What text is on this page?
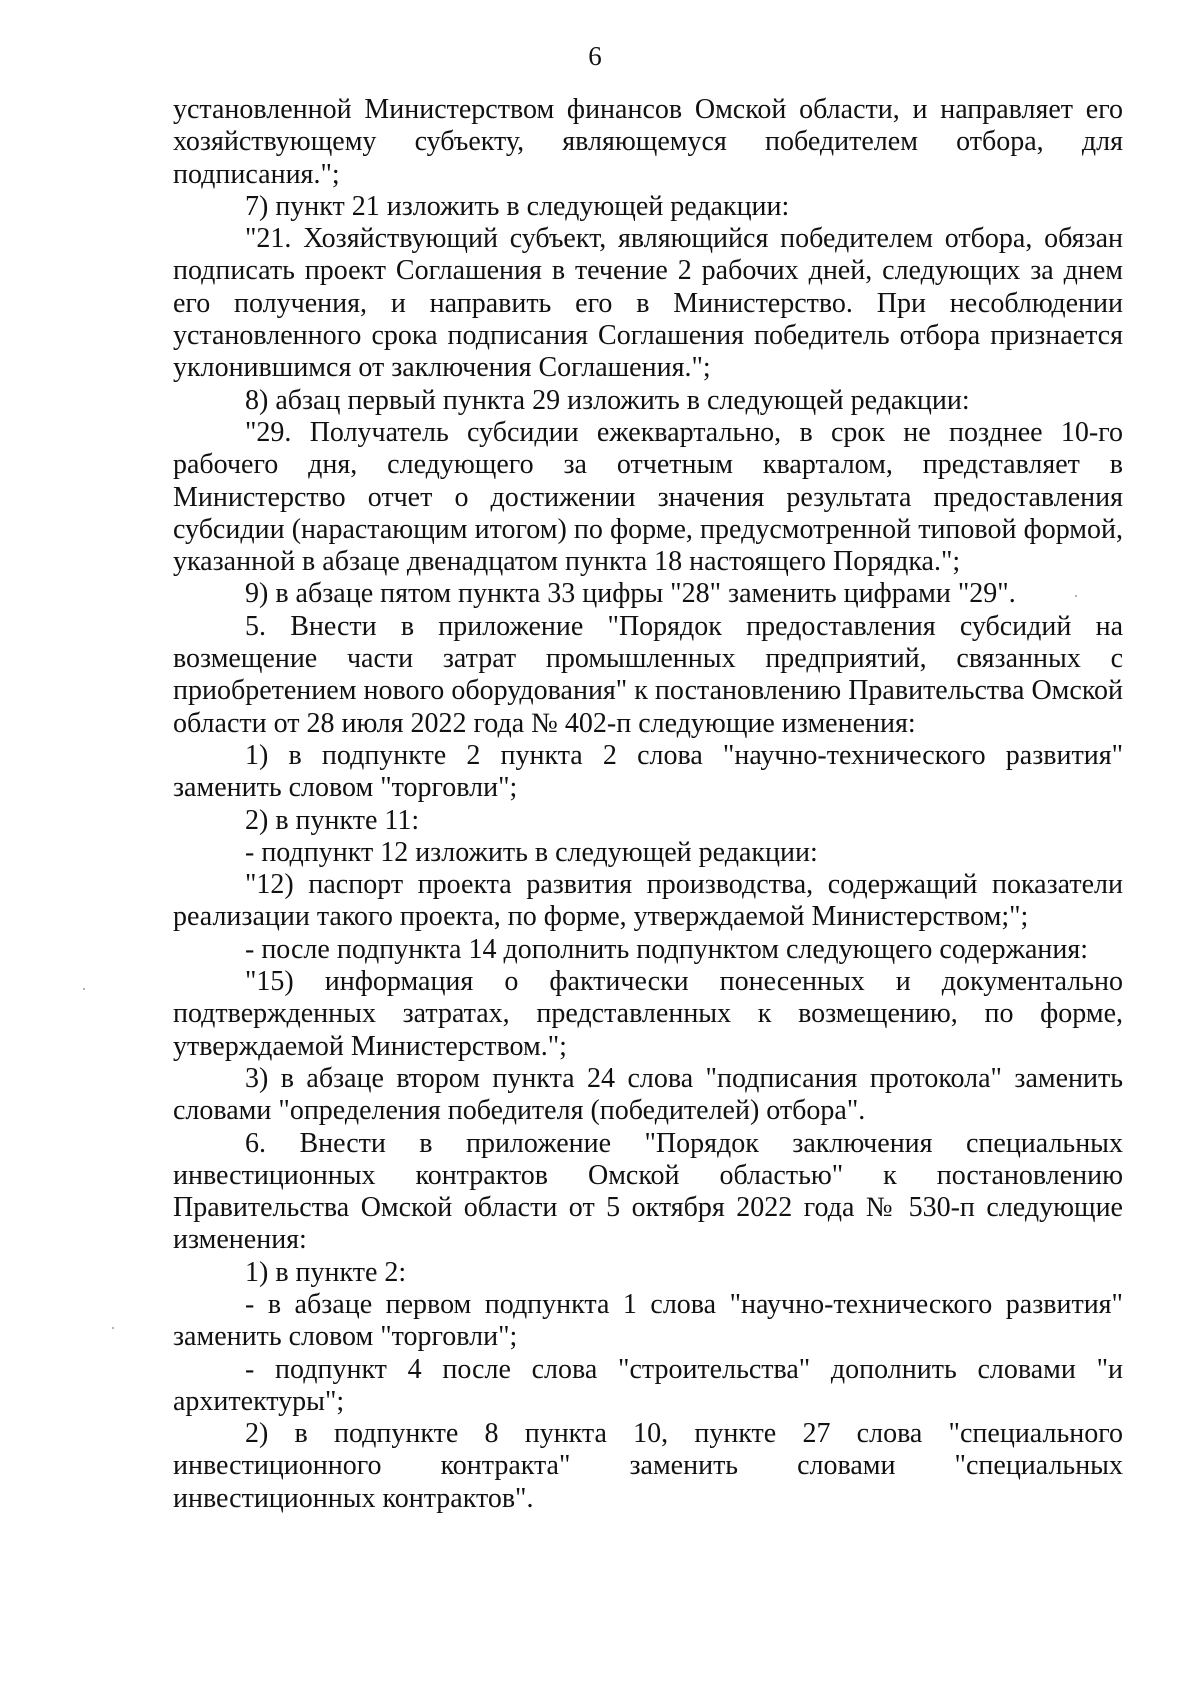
6

установленной Министерством финансов Омской области, и направляет его хозяйствующему субъекту, являющемуся победителем отбора, для подписания.";

7) пункт 21 изложить в следующей редакции:

"21. Хозяйствующий субъект, являющийся победителем отбора, обязан подписать проект Соглашения в течение 2 рабочих дней, следующих за днем его получения, и направить его в Министерство. При несоблюдении установленного срока подписания Соглашения победитель отбора признается уклонившимся от заключения Соглашения.";

8) абзац первый пункта 29 изложить в следующей редакции:

"29. Получатель субсидии ежеквартально, в срок не позднее 10-го рабочего дня, следующего за отчетным кварталом, представляет в Министерство отчет о достижении значения результата предоставления субсидии (нарастающим итогом) по форме, предусмотренной типовой формой, указанной в абзаце двенадцатом пункта 18 настоящего Порядка.";

9) в абзаце пятом пункта 33 цифры "28" заменить цифрами "29".

5. Внести в приложение "Порядок предоставления субсидий на возмещение части затрат промышленных предприятий, связанных с приобретением нового оборудования" к постановлению Правительства Омской области от 28 июля 2022 года № 402-п следующие изменения:

1) в подпункте 2 пункта 2 слова "научно-технического развития" заменить словом "торговли";

2) в пункте 11:

- подпункт 12 изложить в следующей редакции:

"12) паспорт проекта развития производства, содержащий показатели реализации такого проекта, по форме, утверждаемой Министерством;";

- после подпункта 14 дополнить подпунктом следующего содержания:

"15) информация о фактически понесенных и документально подтвержденных затратах, представленных к возмещению, по форме, утверждаемой Министерством.";

3) в абзаце втором пункта 24 слова "подписания протокола" заменить словами "определения победителя (победителей) отбора".

6. Внести в приложение "Порядок заключения специальных инвестиционных контрактов Омской областью" к постановлению Правительства Омской области от 5 октября 2022 года № 530-п следующие изменения:

1) в пункте 2:

- в абзаце первом подпункта 1 слова "научно-технического развития" заменить словом "торговли";

- подпункт 4 после слова "строительства" дополнить словами "и архитектуры";

2) в подпункте 8 пункта 10, пункте 27 слова "специального инвестиционного контракта" заменить словами "специальных инвестиционных контрактов".
